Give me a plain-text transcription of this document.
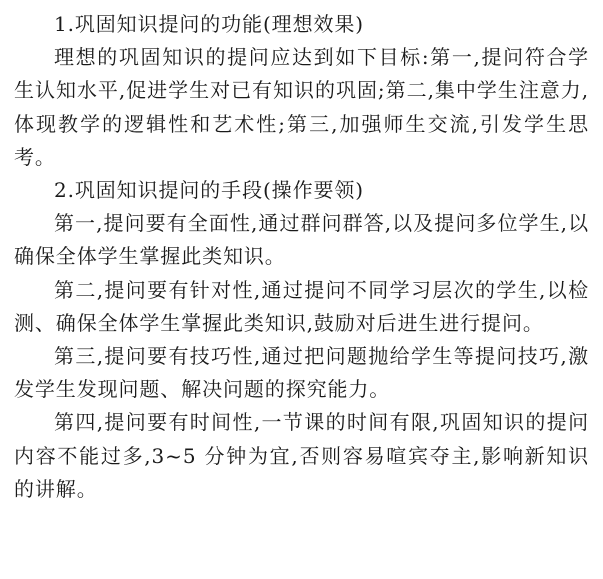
1.巩固知识提问的功能(理想效果)

理想的巩固知识的提问应达到如下目标:第一,提问符合学生认知水平,促进学生对已有知识的巩固;第二,集中学生注意力,体现教学的逻辑性和艺术性;第三,加强师生交流,引发学生思考。

2.巩固知识提问的手段(操作要领)

第一,提问要有全面性,通过群问群答,以及提问多位学生,以确保全体学生掌握此类知识。

第二,提问要有针对性,通过提问不同学习层次的学生,以检测、确保全体学生掌握此类知识,鼓励对后进生进行提问。

第三,提问要有技巧性,通过把问题抛给学生等提问技巧,激发学生发现问题、解决问题的探究能力。

第四,提问要有时间性,一节课的时间有限,巩固知识的提问内容不能过多,3~5 分钟为宜,否则容易喧宾夺主,影响新知识的讲解。
